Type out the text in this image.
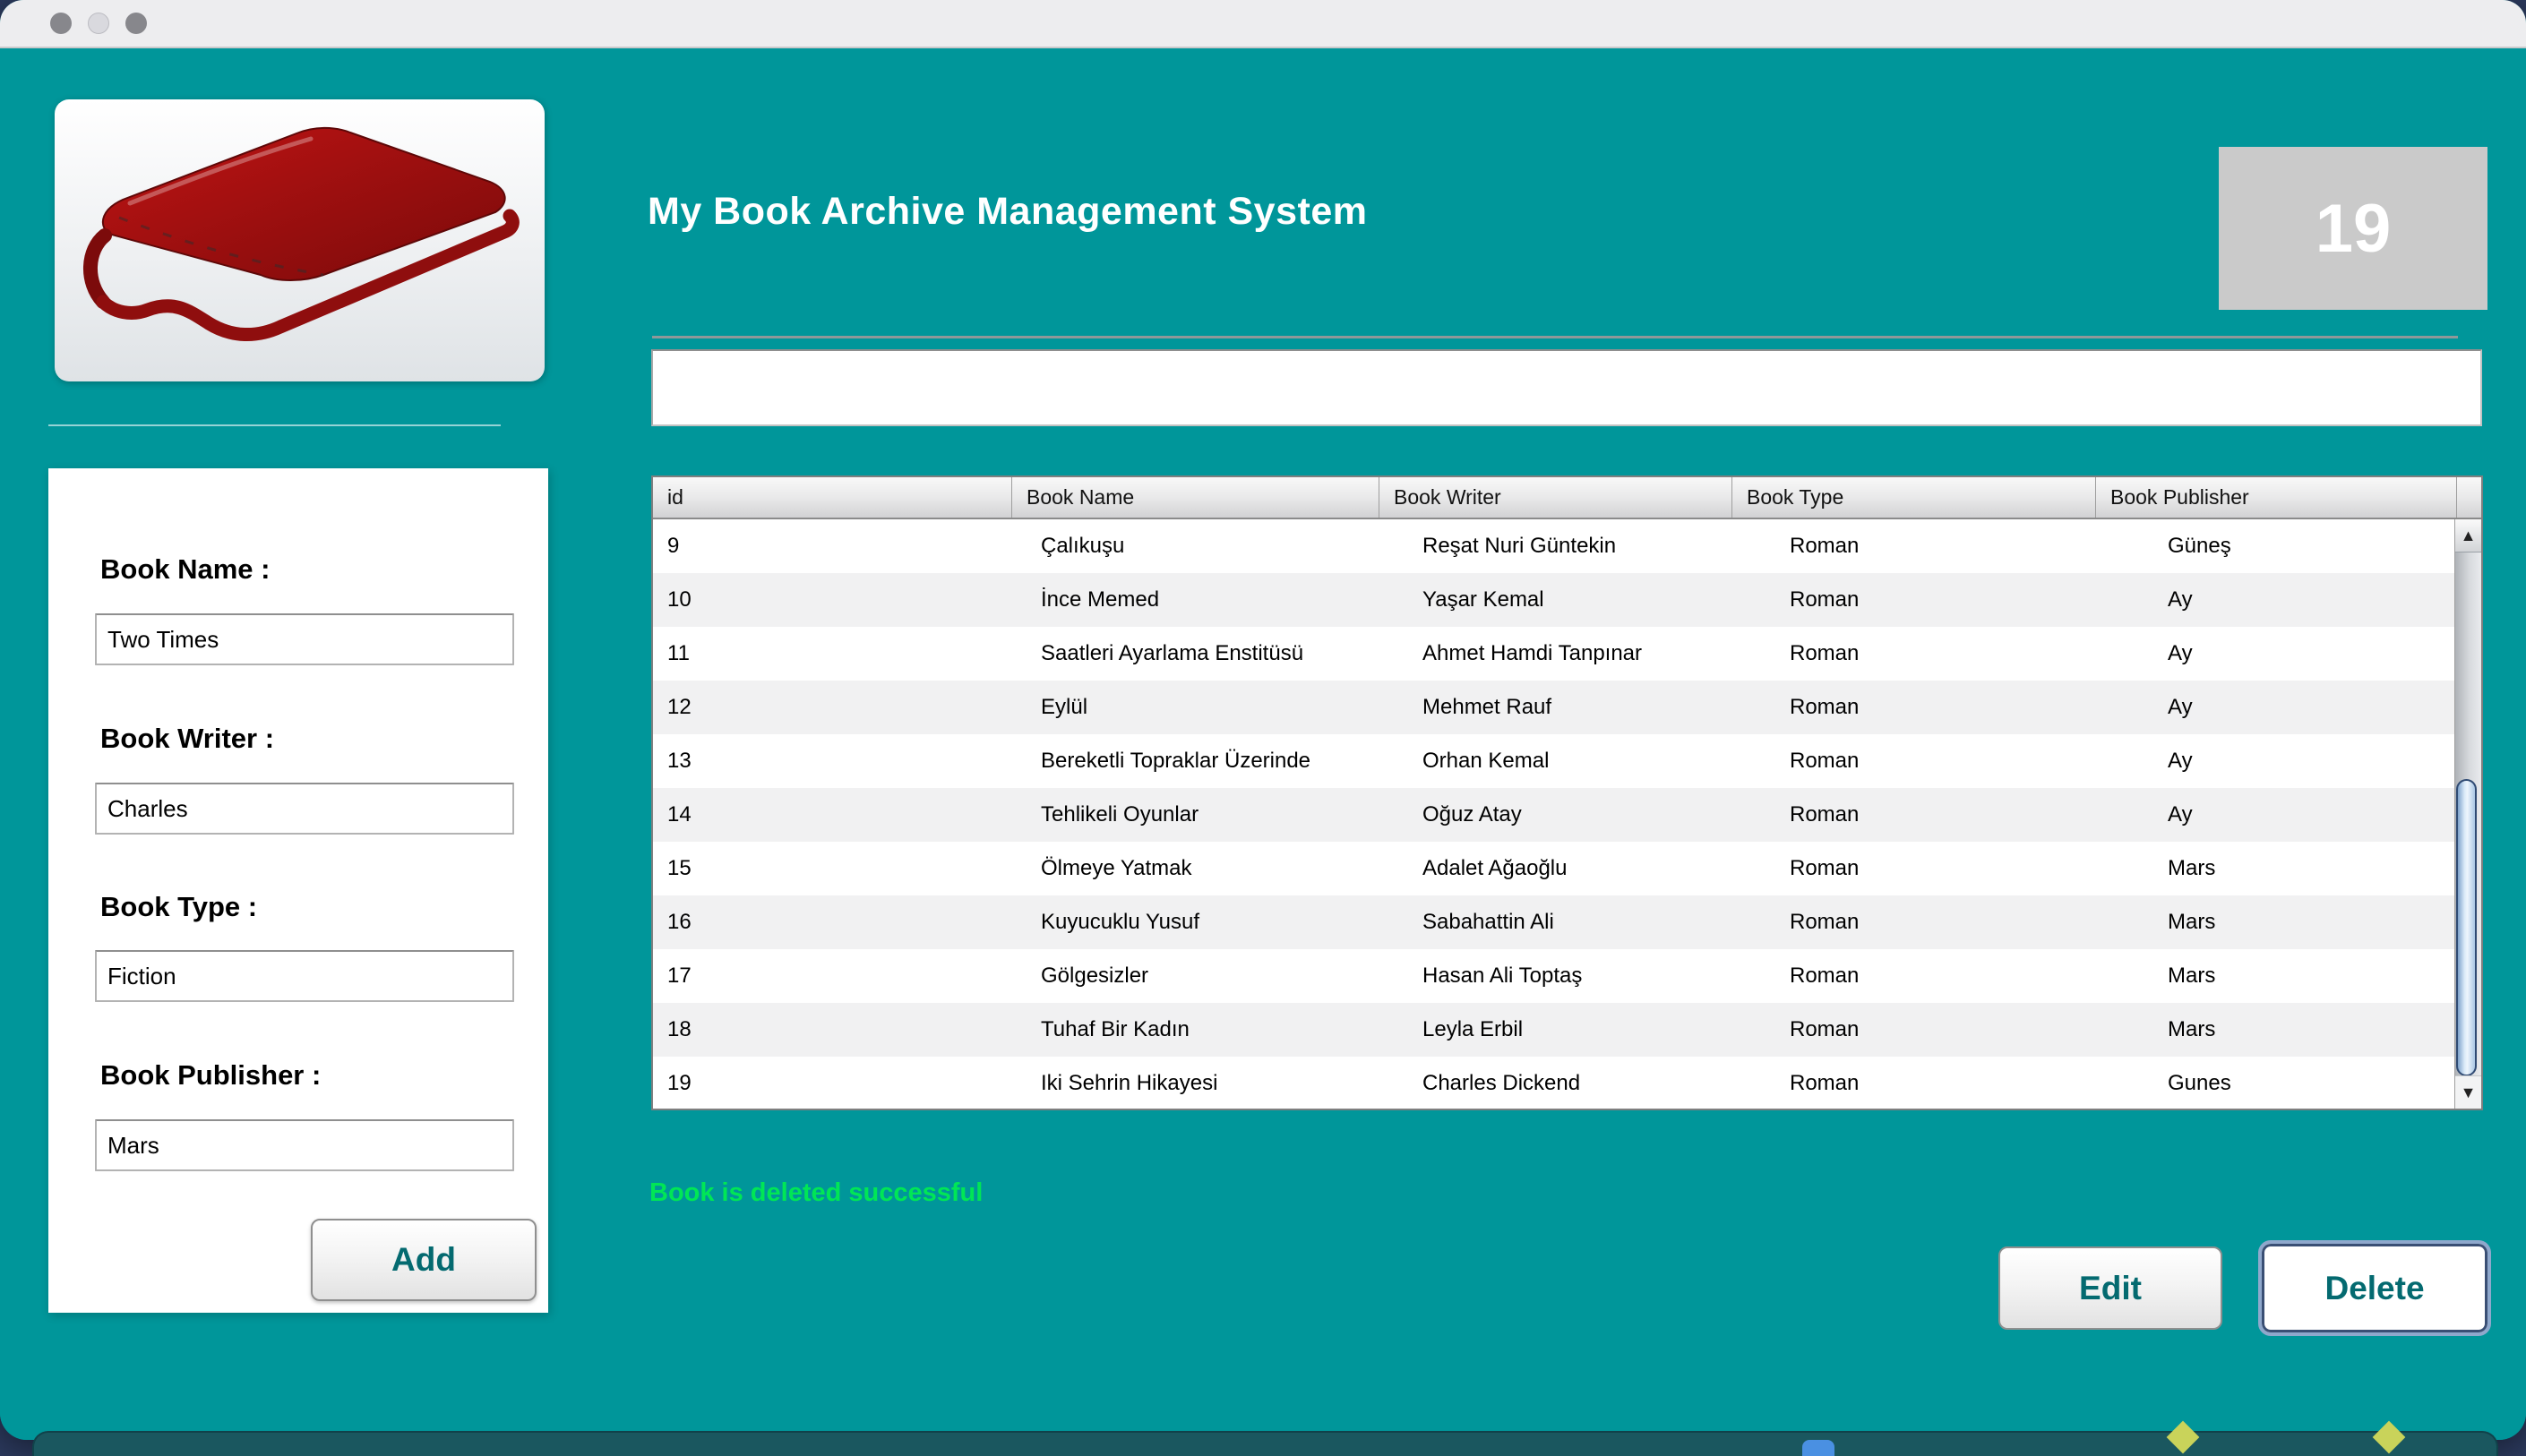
Book Name :
Two Times
Book Writer :
Charles
Book Type :
Fiction
Book Publisher :
Mars
Add
My Book Archive Management System	19
id	Book Name	Book Writer	Book Type	Book Publisher
9	Çalıkuşu	Reşat Nuri Güntekin	Roman	Güneş
10	İnce Memed	Yaşar Kemal	Roman	Ay
11	Saatleri Ayarlama Enstitüsü	Ahmet Hamdi Tanpınar	Roman	Ay
12	Eylül	Mehmet Rauf	Roman	Ay
13	Bereketli Topraklar Üzerinde	Orhan Kemal	Roman	Ay
14	Tehlikeli Oyunlar	Oğuz Atay	Roman	Ay
15	Ölmeye Yatmak	Adalet Ağaoğlu	Roman	Mars
16	Kuyucuklu Yusuf	Sabahattin Ali	Roman	Mars
17	Gölgesizler	Hasan Ali Toptaş	Roman	Mars
18	Tuhaf Bir Kadın	Leyla Erbil	Roman	Mars
19	Iki Sehrin Hikayesi	Charles Dickend	Roman	Gunes
▲
▼
Book is deleted successful
Edit	Delete
